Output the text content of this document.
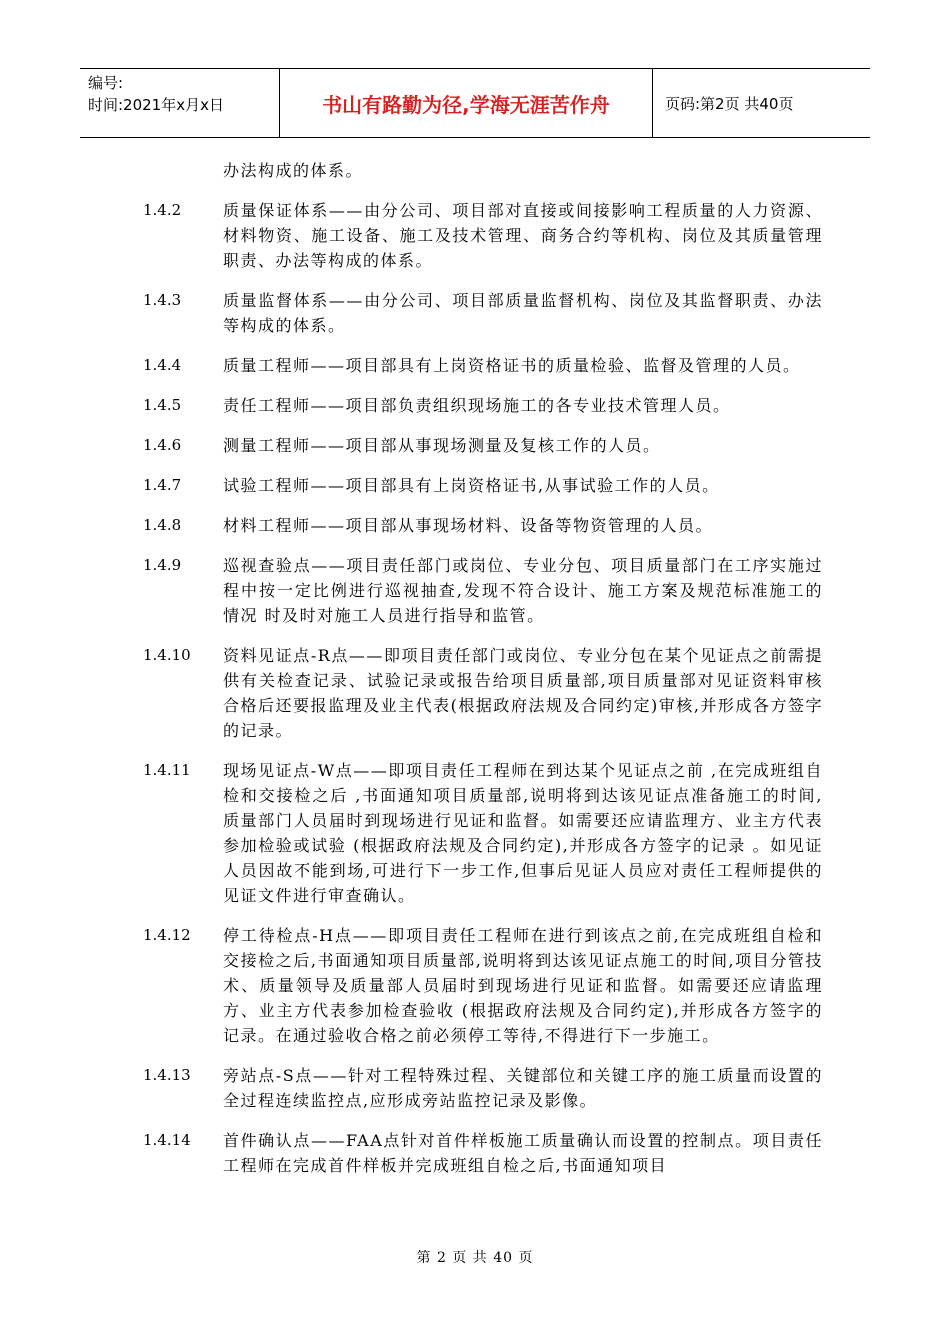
编号:
时间:2021年x月x日	书山有路勤为径,学海无涯苦作舟	页码:第2页 共40页
办法构成的体系。
1.4.2	质量保证体系——由分公司、项目部对直接或间接影响工程质量的人力资源、材料物资、施工设备、施工及技术管理、商务合约等机构、岗位及其质量管理职责、办法等构成的体系。
1.4.3	质量监督体系——由分公司、项目部质量监督机构、岗位及其监督职责、办法等构成的体系。
1.4.4	质量工程师——项目部具有上岗资格证书的质量检验、监督及管理的人员。
1.4.5	责任工程师——项目部负责组织现场施工的各专业技术管理人员。
1.4.6	测量工程师——项目部从事现场测量及复核工作的人员。
1.4.7	试验工程师——项目部具有上岗资格证书,从事试验工作的人员。
1.4.8	材料工程师——项目部从事现场材料、设备等物资管理的人员。
1.4.9	巡视查验点——项目责任部门或岗位、专业分包、项目质量部门在工序实施过程中按一定比例进行巡视抽查,发现不符合设计、施工方案及规范标准施工的情况 时及时对施工人员进行指导和监管。
1.4.10	资料见证点-R点——即项目责任部门或岗位、专业分包在某个见证点之前需提供有关检查记录、试验记录或报告给项目质量部,项目质量部对见证资料审核合格后还要报监理及业主代表(根据政府法规及合同约定)审核,并形成各方签字的记录。
1.4.11	现场见证点-W点——即项目责任工程师在到达某个见证点之前 ,在完成班组自检和交接检之后 ,书面通知项目质量部,说明将到达该见证点准备施工的时间,质量部门人员届时到现场进行见证和监督。如需要还应请监理方、业主方代表参加检验或试验 (根据政府法规及合同约定),并形成各方签字的记录 。如见证人员因故不能到场,可进行下一步工作,但事后见证人员应对责任工程师提供的见证文件进行审查确认。
1.4.12	停工待检点-H点——即项目责任工程师在进行到该点之前,在完成班组自检和交接检之后,书面通知项目质量部,说明将到达该见证点施工的时间,项目分管技术、质量领导及质量部人员届时到现场进行见证和监督。如需要还应请监理方、业主方代表参加检查验收 (根据政府法规及合同约定),并形成各方签字的记录。在通过验收合格之前必须停工等待,不得进行下一步施工。
1.4.13	旁站点-S点——针对工程特殊过程、关键部位和关键工序的施工质量而设置的全过程连续监控点,应形成旁站监控记录及影像。
1.4.14	首件确认点——FAA点针对首件样板施工质量确认而设置的控制点。项目责任工程师在完成首件样板并完成班组自检之后,书面通知项目
第 2 页 共 40 页
